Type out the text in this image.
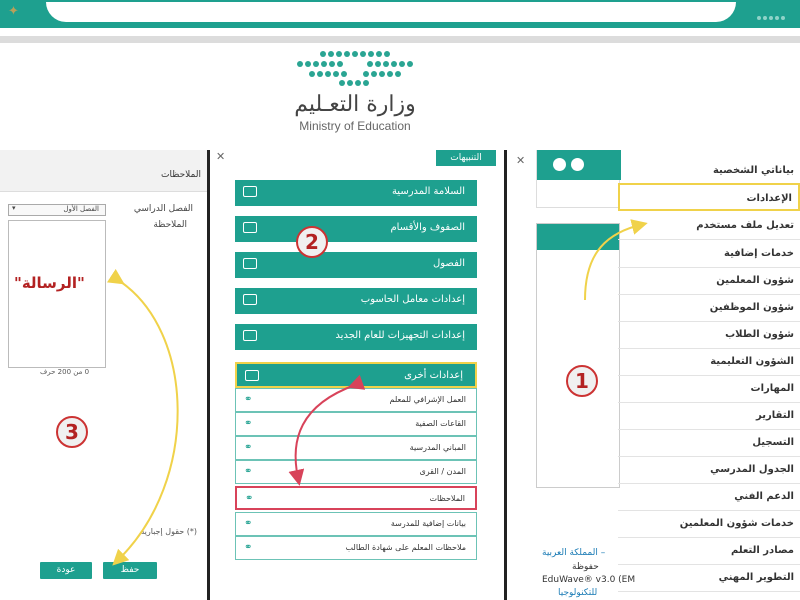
✦
وزارة التعـليم
Ministry of Education
الملاحظات
الفصل الدراسي
الفصل الأول
▾
الملاحظة
"الرسالة"
0 من 200 حرف
(*) حقول إجبارية
حفظ
عودة
✕	التنبيهات
السلامة المدرسية
الصفوف والأقسام
الفصول
إعدادات معامل الحاسوب
إعدادات التجهيزات للعام الجديد
إعدادات أخرى
العمل الإشرافي للمعلم
⚭
القاعات الصفية
⚭
المباني المدرسية
⚭
المدن / القرى
⚭
الملاحظات
⚭
بيانات إضافية للمدرسة
⚭
ملاحظات المعلم على شهادة الطالب
⚭
✕
– المملكة العربية
حفوظة
EduWave® v3.0 (EM
للتكنولوجيا
بياناتي الشخصية
الإعدادات
تعديل ملف مستخدم
خدمات إضافية
شؤون المعلمين
شؤون الموظفين
شؤون الطلاب
الشؤون التعليمية
المهارات
التقارير
التسجيل
الجدول المدرسي
الدعم الفني
خدمات شؤون المعلمين
مصادر التعلم
التطوير المهني
1
2
3
